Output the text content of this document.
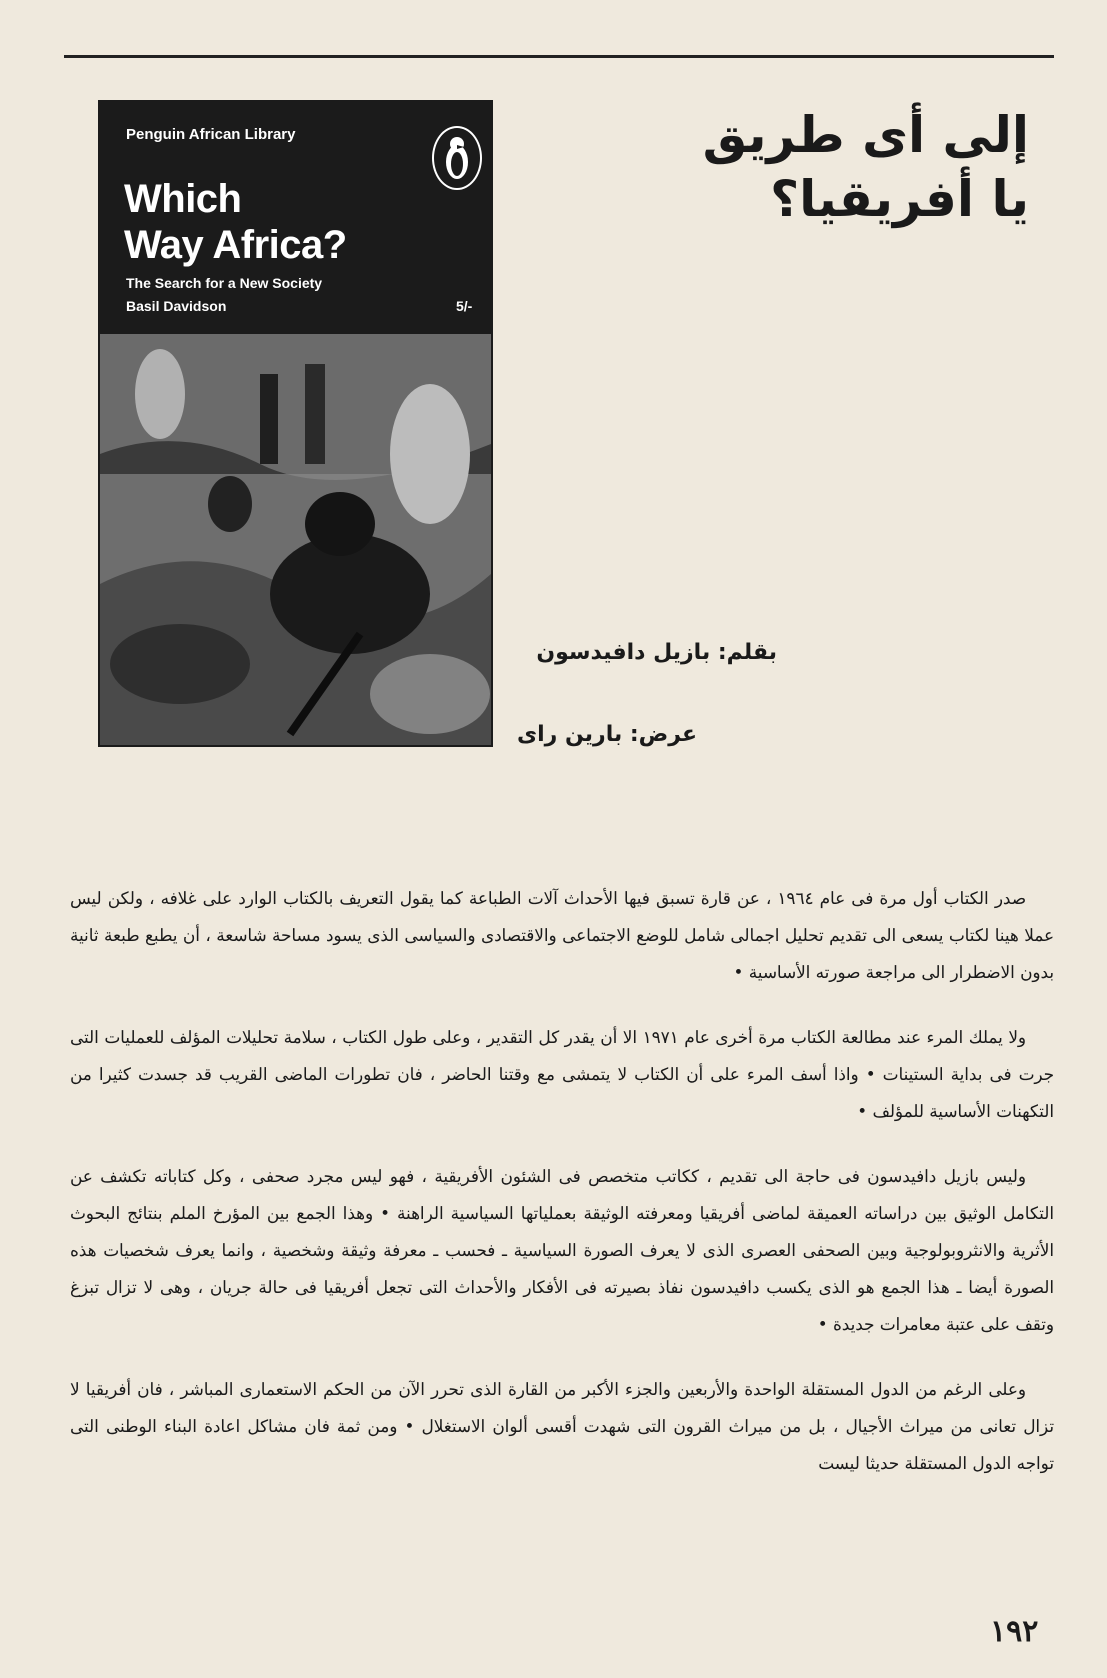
Penguin African Library
Which
Way Africa?
The Search for a New Society
Basil Davidson	5/-
إلى أى طريق
يا أفريقيا؟
بقلم: بازيل دافيدسون
عرض: بارين راى

صدر الكتاب أول مرة فى عام ١٩٦٤ ، عن قارة تسبق فيها الأحداث آلات الطباعة كما يقول التعريف بالكتاب الوارد على غلافه ، ولكن ليس عملا هينا لكتاب يسعى الى تقديم تحليل اجمالى شامل للوضع الاجتماعى والاقتصادى والسياسى الذى يسود مساحة شاسعة ، أن يطبع طبعة ثانية بدون الاضطرار الى مراجعة صورته الأساسية •

ولا يملك المرء عند مطالعة الكتاب مرة أخرى عام ١٩٧١ الا أن يقدر كل التقدير ، وعلى طول الكتاب ، سلامة تحليلات المؤلف للعمليات التى جرت فى بداية الستينات • واذا أسف المرء على أن الكتاب لا يتمشى مع وقتنا الحاضر ، فان تطورات الماضى القريب قد جسدت كثيرا من التكهنات الأساسية للمؤلف •

وليس بازيل دافيدسون فى حاجة الى تقديم ، ككاتب متخصص فى الشئون الأفريقية ، فهو ليس مجرد صحفى ، وكل كتاباته تكشف عن التكامل الوثيق بين دراساته العميقة لماضى أفريقيا ومعرفته الوثيقة بعملياتها السياسية الراهنة • وهذا الجمع بين المؤرخ الملم بنتائج البحوث الأثرية والانثروبولوجية وبين الصحفى العصرى الذى لا يعرف الصورة السياسية ـ فحسب ـ معرفة وثيقة وشخصية ، وانما يعرف شخصيات هذه الصورة أيضا ـ هذا الجمع هو الذى يكسب دافيدسون نفاذ بصيرته فى الأفكار والأحداث التى تجعل أفريقيا فى حالة جريان ، وهى لا تزال تبزغ وتقف على عتبة معامرات جديدة •

وعلى الرغم من الدول المستقلة الواحدة والأربعين والجزء الأكبر من القارة الذى تحرر الآن من الحكم الاستعمارى المباشر ، فان أفريقيا لا تزال تعانى من ميراث الأجيال ، بل من ميراث القرون التى شهدت أقسى ألوان الاستغلال • ومن ثمة فان مشاكل اعادة البناء الوطنى التى تواجه الدول المستقلة حديثا ليست

١٩٢
